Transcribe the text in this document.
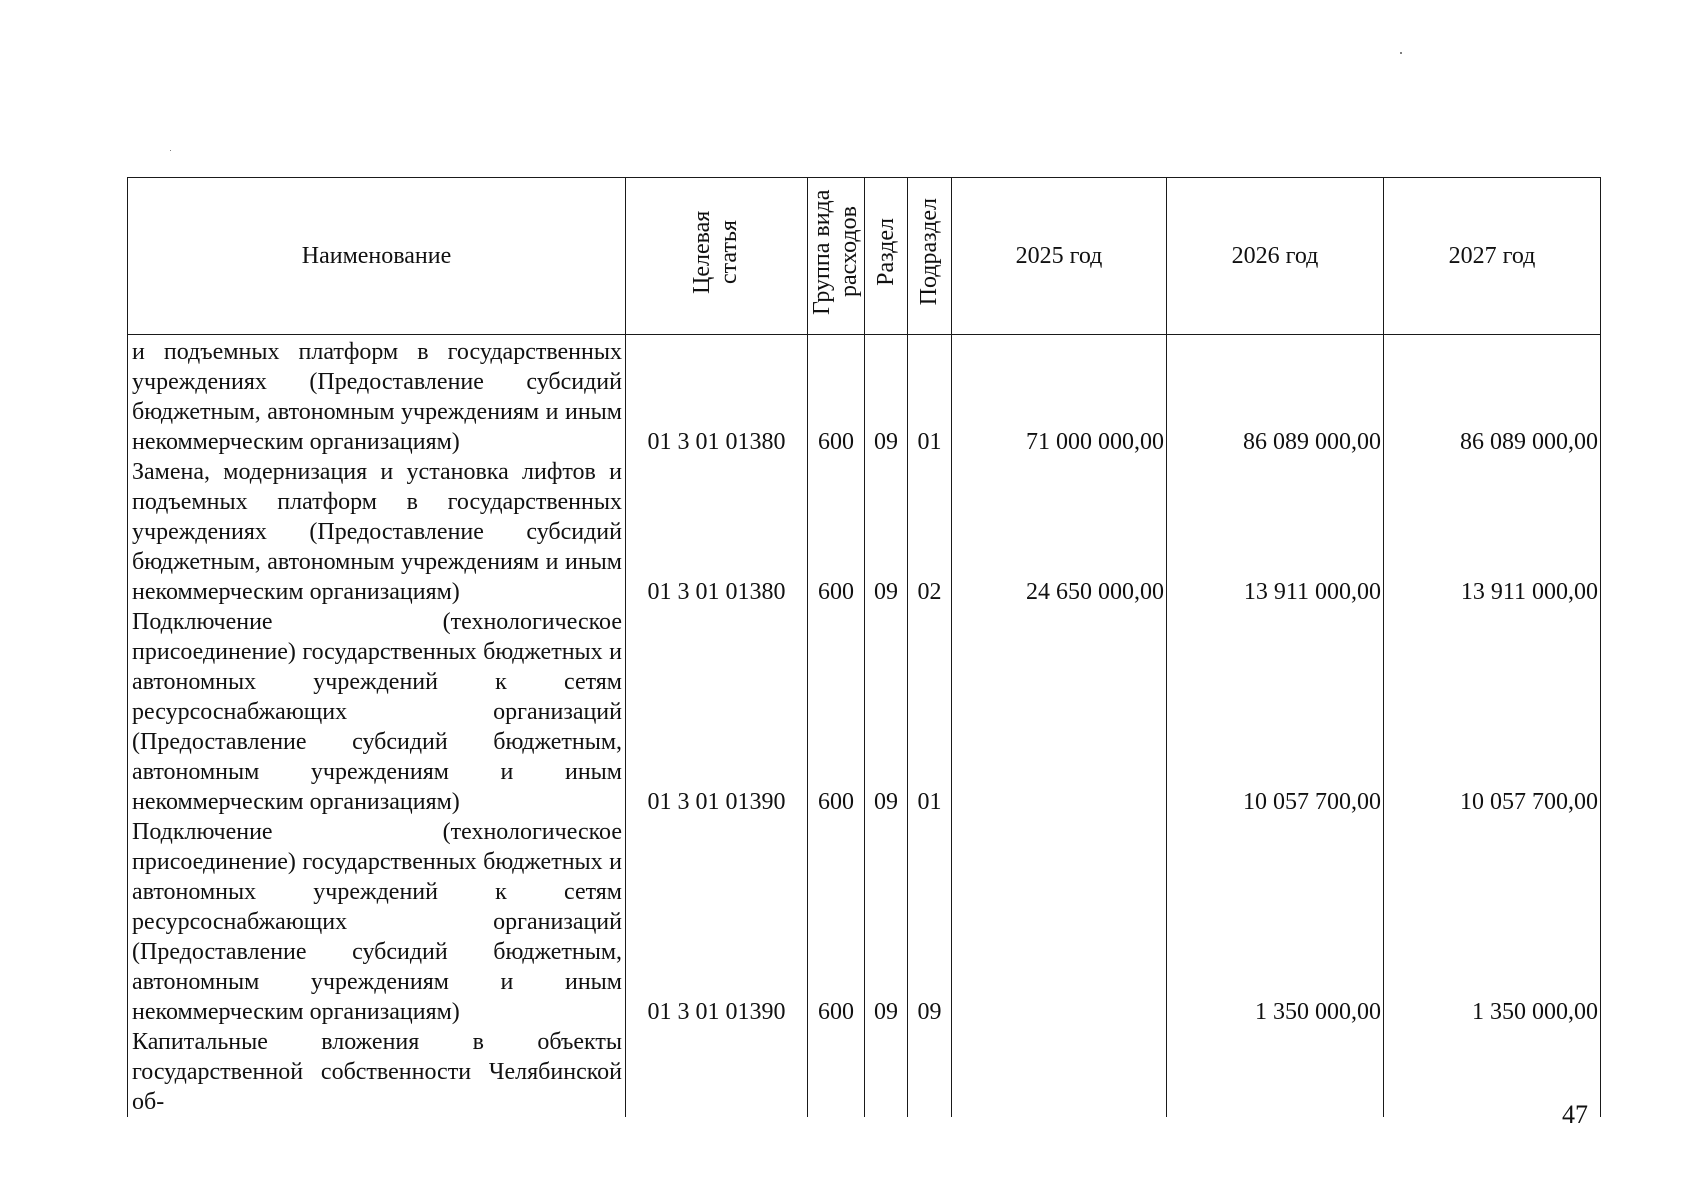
Наименование	Целевая статья	Группа вида расходов	Раздел	Подраздел	2025 год	2026 год	2027 год

и подъемных платформ в государственных учреждениях (Предоставление субсидий бюджетным, автономным учреждениям и иным некоммерческим организациям)	01 3 01 01380	600	09	01	71 000 000,00	86 089 000,00	86 089 000,00

Замена, модернизация и установка лифтов и подъемных платформ в государственных учреждениях (Предоставление субсидий бюджетным, автономным учреждениям и иным некоммерческим организациям)	01 3 01 01380	600	09	02	24 650 000,00	13 911 000,00	13 911 000,00

Подключение (технологическое присоединение) государственных бюджетных и автономных учреждений к сетям ресурсоснабжающих организаций (Предоставление субсидий бюджетным, автономным учреждениям и иным некоммерческим организациям)	01 3 01 01390	600	09	01		10 057 700,00	10 057 700,00

Подключение (технологическое присоединение) государственных бюджетных и автономных учреждений к сетям ресурсоснабжающих организаций (Предоставление субсидий бюджетным, автономным учреждениям и иным некоммерческим организациям)	01 3 01 01390	600	09	09		1 350 000,00	1 350 000,00

Капитальные вложения в объекты государственной собственности Челябинской об-							
								47
